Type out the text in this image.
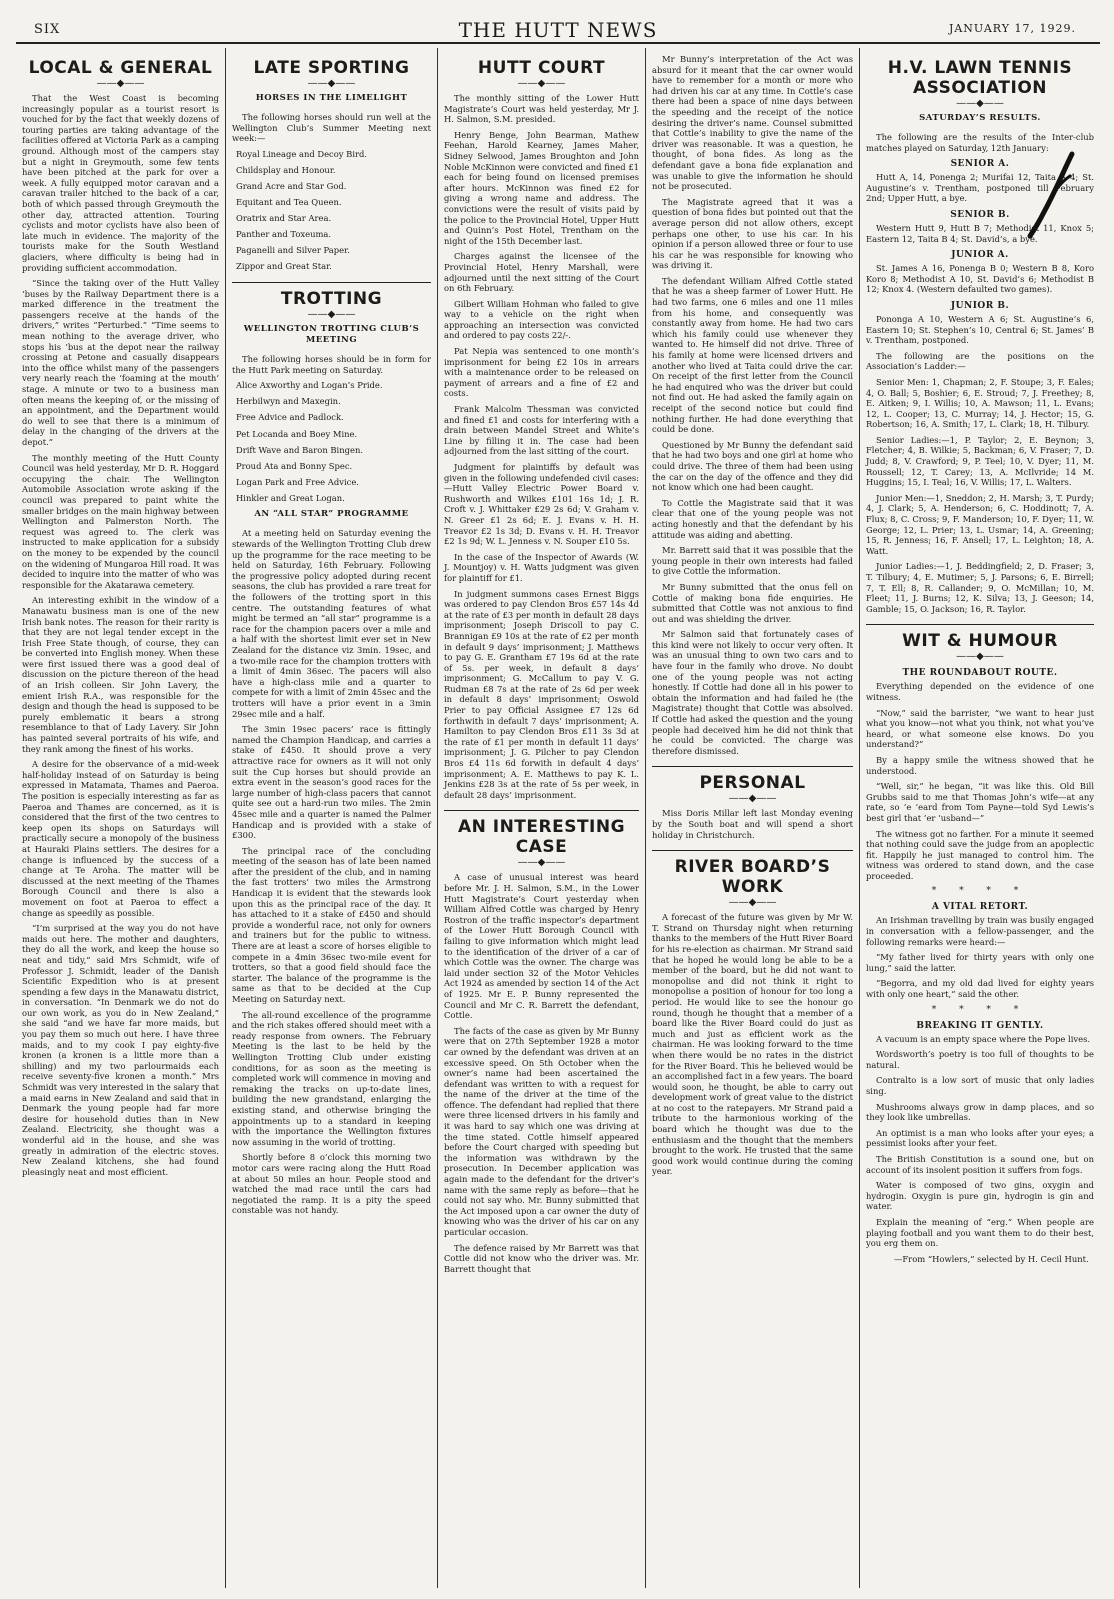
SIX	THE HUTT NEWS	JANUARY 17, 1929.
LOCAL & GENERAL
——◆——

That the West Coast is becoming increasingly popular as a tourist resort is vouched for by the fact that weekly dozens of touring parties are taking advantage of the facilities offered at Victoria Park as a camping ground. Although most of the campers stay but a night in Greymouth, some few tents have been pitched at the park for over a week. A fully equipped motor caravan and a caravan trailer hitched to the back of a car, both of which passed through Greymouth the other day, attracted attention. Touring cyclists and motor cyclists have also been of late much in evidence. The majority of the tourists make for the South Westland glaciers, where difficulty is being had in providing sufficient accommodation.

“Since the taking over of the Hutt Valley ’buses by the Railway Department there is a marked difference in the treatment the passengers receive at the hands of the drivers,” writes “Perturbed.” “Time seems to mean nothing to the average driver, who stops his ’bus at the depot near the railway crossing at Petone and casually disappears into the office whilst many of the passengers very nearly reach the ‘foaming at the mouth’ stage. A minute or two to a business man often means the keeping of, or the missing of an appointment, and the Department would do well to see that there is a minimum of delay in the changing of the drivers at the depot.”

The monthly meeting of the Hutt County Council was held yesterday, Mr D. R. Hoggard occupying the chair. The Wellington Automobile Association wrote asking if the council was prepared to paint white the smaller bridges on the main highway between Wellington and Palmerston North. The request was agreed to. The clerk was instructed to make application for a subsidy on the money to be expended by the council on the widening of Mungaroa Hill road. It was decided to inquire into the matter of who was responsible for the Akatarawa cemetery.

An interesting exhibit in the window of a Manawatu business man is one of the new Irish bank notes. The reason for their rarity is that they are not legal tender except in the Irish Free State though, of course, they can be converted into English money. When these were first issued there was a good deal of discussion on the picture thereon of the head of an Irish colleen. Sir John Lavery, the emient Irish R.A., was responsible for the design and though the head is supposed to be purely emblematic it bears a strong resemblance to that of Lady Lavery. Sir John has painted several portraits of his wife, and they rank among the finest of his works.

A desire for the observance of a mid-week half-holiday instead of on Saturday is being expressed in Matamata, Thames and Paeroa. The position is especially interesting as far as Paeroa and Thames are concerned, as it is considered that the first of the two centres to keep open its shops on Saturdays will practically secure a monopoly of the business at Hauraki Plains settlers. The desires for a change is influenced by the success of a change at Te Aroha. The matter will be discussed at the next meeting of the Thames Borough Council and there is also a movement on foot at Paeroa to effect a change as speedily as possible.

“I’m surprised at the way you do not have maids out here. The mother and daughters, they do all the work, and keep the house so neat and tidy,” said Mrs Schmidt, wife of Professor J. Schmidt, leader of the Danish Scientific Expedition who is at present spending a few days in the Manawatu district, in conversation. “In Denmark we do not do our own work, as you do in New Zealand,” she said “and we have far more maids, but you pay them so much out here. I have three maids, and to my cook I pay eighty-five kronen (a kronen is a little more than a shilling) and my two parlourmaids each receive seventy-five kronen a month.” Mrs Schmidt was very interested in the salary that a maid earns in New Zealand and said that in Denmark the young people had far more desire for household duties than in New Zealand. Electricity, she thought was a wonderful aid in the house, and she was greatly in admiration of the electric stoves. New Zealand kitchens, she had found pleasingly neat and most efficient.

LATE SPORTING
——◆——
HORSES IN THE LIMELIGHT

The following horses should run well at the Wellington Club’s Summer Meeting next week:—

Royal Lineage and Decoy Bird.
Childsplay and Honour.
Grand Acre and Star God.
Equitant and Tea Queen.
Oratrix and Star Area.
Panther and Toxeuma.
Paganelli and Silver Paper.
Zippor and Great Star.
TROTTING
——◆——
WELLINGTON TROTTING CLUB’S MEETING

The following horses should be in form for the Hutt Park meeting on Saturday.

Alice Axworthy and Logan’s Pride.
Herbilwyn and Maxegin.
Free Advice and Padlock.
Pet Locanda and Boey Mine.
Drift Wave and Baron Bingen.
Proud Ata and Bonny Spec.
Logan Park and Free Advice.
Hinkler and Great Logan.
AN “ALL STAR” PROGRAMME

At a meeting held on Saturday evening the stewards of the Wellington Trotting Club drew up the programme for the race meeting to be held on Saturday, 16th February. Following the progressive policy adopted during recent seasons, the club has provided a rare treat for the followers of the trotting sport in this centre. The outstanding features of what might be termed an “all star” programme is a race for the champion pacers over a mile and a half with the shortest limit ever set in New Zealand for the distance viz 3min. 19sec, and a two-mile race for the champion trotters with a limit of 4min 36sec. The pacers will also have a high-class mile and a quarter to compete for with a limit of 2min 45sec and the trotters will have a prior event in a 3min 29sec mile and a half.

The 3min 19sec pacers’ race is fittingly named the Champion Handicap, and carries a stake of £450. It should prove a very attractive race for owners as it will not only suit the Cup horses but should provide an extra event in the season’s good races for the large number of high-class pacers that cannot quite see out a hard-run two miles. The 2min 45sec mile and a quarter is named the Palmer Handicap and is provided with a stake of £300.

The principal race of the concluding meeting of the season has of late been named after the president of the club, and in naming the fast trotters’ two miles the Armstrong Handicap it is evident that the stewards look upon this as the principal race of the day. It has attached to it a stake of £450 and should provide a wonderful race, not only for owners and trainers but for the public to witness. There are at least a score of horses eligible to compete in a 4min 36sec two-mile event for trotters, so that a good field should face the starter. The balance of the programme is the same as that to be decided at the Cup Meeting on Saturday next.

The all-round excellence of the programme and the rich stakes offered should meet with a ready response from owners. The February Meeting is the last to be held by the Wellington Trotting Club under existing conditions, for as soon as the meeting is completed work will commence in moving and remaking the tracks on up-to-date lines, building the new grandstand, enlarging the existing stand, and otherwise bringing the appointments up to a standard in keeping with the importance the Wellington fixtures now assuming in the world of trotting.

Shortly before 8 o’clock this morning two motor cars were racing along the Hutt Road at about 50 miles an hour. People stood and watched the mad race until the cars had negotiated the ramp. It is a pity the speed constable was not handy.

HUTT COURT
——◆——

The monthly sitting of the Lower Hutt Magistrate’s Court was held yesterday, Mr J. H. Salmon, S.M. presided.

Henry Benge, John Bearman, Mathew Feehan, Harold Kearney, James Maher, Sidney Selwood, James Broughton and John Noble McKinnon were convicted and fined £1 each for being found on licensed premises after hours. McKinnon was fined £2 for giving a wrong name and address. The convictions were the result of visits paid by the police to the Provincial Hotel, Upper Hutt and Quinn’s Post Hotel, Trentham on the night of the 15th December last.

Charges against the licensee of the Provincial Hotel, Henry Marshall, were adjourned until the next sitting of the Court on 6th February.

Gilbert William Hohman who failed to give way to a vehicle on the right when approaching an intersection was convicted and ordered to pay costs 22/-.

Pat Nepia was sentenced to one month’s imprisonment for being £2 10s in arrears with a maintenance order to be released on payment of arrears and a fine of £2 and costs.

Frank Malcolm Thessman was convicted and fined £1 and costs for interfering with a drain between Mandel Street and White’s Line by filling it in. The case had been adjourned from the last sitting of the court.

Judgment for plaintiffs by default was given in the following undefended civil cases:—Hutt Valley Electric Power Board v. Rushworth and Wilkes £101 16s 1d; J. R. Croft v. J. Whittaker £29 2s 6d; V. Graham v. N. Greer £1 2s 6d; E. J. Evans v. H. H. Treavor £2 1s 3d; D. Evans v. H. H. Treavor £2 1s 9d; W. L. Jenness v. N. Souper £10 5s.

In the case of the Inspector of Awards (W. J. Mountjoy) v. H. Watts judgment was given for plaintiff for £1.

In judgment summons cases Ernest Biggs was ordered to pay Clendon Bros £57 14s 4d at the rate of £3 per month in default 28 days imprisonment; Joseph Driscoll to pay C. Brannigan £9 10s at the rate of £2 per month in default 9 days’ imprisonment; J. Matthews to pay G. E. Grantham £7 19s 6d at the rate of 5s. per week, in default 8 days’ imprisonment; G. McCallum to pay V. G. Rudman £8 7s at the rate of 2s 6d per week in default 8 days’ imprisonment; Oswold Prier to pay Official Assignee £7 12s 6d forthwith in default 7 days’ imprisonment; A. Hamilton to pay Clendon Bros £11 3s 3d at the rate of £1 per month in default 11 days’ imprisonment; J. G. Pilcher to pay Clendon Bros £4 11s 6d forwith in default 4 days’ imprisonment; A. E. Matthews to pay K. L. Jenkins £28 3s at the rate of 5s per week, in default 28 days’ imprisonment.

AN INTERESTING CASE
——◆——

A case of unusual interest was heard before Mr. J. H. Salmon, S.M., in the Lower Hutt Magistrate’s Court yesterday when William Alfred Cottle was charged by Henry Rostron of the traffic inspector’s department of the Lower Hutt Borough Council with failing to give information which might lead to the identification of the driver of a car of which Cottle was the owner. The charge was laid under section 32 of the Motor Vehicles Act 1924 as amended by section 14 of the Act of 1925. Mr E. P. Bunny represented the Council and Mr C. R. Barrett the defendant, Cottle.

The facts of the case as given by Mr Bunny were that on 27th September 1928 a motor car owned by the defendant was driven at an excessive speed. On 5th October when the owner’s name had been ascertained the defendant was written to with a request for the name of the driver at the time of the offence. The defendant had replied that there were three licensed drivers in his family and it was hard to say which one was driving at the time stated. Cottle himself appeared before the Court charged with speeding but the information was withdrawn by the prosecution. In December application was again made to the defendant for the driver’s name with the same reply as before—that he could not say who. Mr. Bunny submitted that the Act imposed upon a car owner the duty of knowing who was the driver of his car on any particular occasion.

The defence raised by Mr Barrett was that Cottle did not know who the driver was. Mr. Barrett thought that

Mr Bunny’s interpretation of the Act was absurd for it meant that the car owner would have to remember for a month or more who had driven his car at any time. In Cottle’s case there had been a space of nine days between the speeding and the receipt of the notice desiring the driver’s name. Counsel submitted that Cottle’s inability to give the name of the driver was reasonable. It was a question, he thought, of bona fides. As long as the defendant gave a bona fide explanation and was unable to give the information he should not be prosecuted.

The Magistrate agreed that it was a question of bona fides but pointed out that the average person did not allow others, except perhaps one other, to use his car. In his opinion if a person allowed three or four to use his car he was responsible for knowing who was driving it.

The defendant William Alfred Cottle stated that he was a sheep farmer of Lower Hutt. He had two farms, one 6 miles and one 11 miles from his home, and consequently was constantly away from home. He had two cars which his family could use whenever they wanted to. He himself did not drive. Three of his family at home were licensed drivers and another who lived at Taita could drive the car. On receipt of the first letter from the Council he had enquired who was the driver but could not find out. He had asked the family again on receipt of the second notice but could find nothing further. He had done everything that could be done.

Questioned by Mr Bunny the defendant said that he had two boys and one girl at home who could drive. The three of them had been using the car on the day of the offence and they did not know which one had been caught.

To Cottle the Magistrate said that it was clear that one of the young people was not acting honestly and that the defendant by his attitude was aiding and abetting.

Mr. Barrett said that it was possible that the young people in their own interests had failed to give Cottle the information.

Mr Bunny submitted that the onus fell on Cottle of making bona fide enquiries. He submitted that Cottle was not anxious to find out and was shielding the driver.

Mr Salmon said that fortunately cases of this kind were not likely to occur very often. It was an unusual thing to own two cars and to have four in the family who drove. No doubt one of the young people was not acting honestly. If Cottle had done all in his power to obtain the information and had failed he (the Magistrate) thought that Cottle was absolved. If Cottle had asked the question and the young people had deceived him he did not think that he could be convicted. The charge was therefore dismissed.

PERSONAL
——◆——

Miss Doris Millar left last Monday evening by the South boat and will spend a short holiday in Christchurch.

RIVER BOARD’S WORK
——◆——

A forecast of the future was given by Mr W. T. Strand on Thursday night when returning thanks to the members of the Hutt River Board for his re-election as chairman. Mr Strand said that he hoped he would long be able to be a member of the board, but he did not want to monopolise and did not think it right to monopolise a position of honour for too long a period. He would like to see the honour go round, though he thought that a member of a board like the River Board could do just as much and just as efficient work as the chairman. He was looking forward to the time when there would be no rates in the district for the River Board. This he believed would be an accomplished fact in a few years. The board would soon, he thought, be able to carry out development work of great value to the district at no cost to the ratepayers. Mr Strand paid a tribute to the harmonious working of the board which he thought was due to the enthusiasm and the thought that the members brought to the work. He trusted that the same good work would continue during the coming year.

H.V. LAWN TENNIS ASSOCIATION
——◆——
SATURDAY’S RESULTS.

The following are the results of the Inter-club matches played on Saturday, 12th January:

SENIOR A.

Hutt A, 14, Ponenga 2; Murifai 12, Taita A 4; St. Augustine’s v. Trentham, postponed till February 2nd; Upper Hutt, a bye.

SENIOR B.

Western Hutt 9, Hutt B 7; Methodist 11, Knox 5; Eastern 12, Taita B 4; St. David’s, a bye.

JUNIOR A.

St. James A 16, Ponenga B 0; Western B 8, Koro Koro 8; Methodist A 10, St. David’s 6; Methodist B 12; Knox 4. (Western defaulted two games).

JUNIOR B.

Pononga A 10, Western A 6; St. Augustine’s 6, Eastern 10; St. Stephen’s 10, Central 6; St. James’ B v. Trentham, postponed.

The following are the positions on the Association’s Ladder:—

Senior Men: 1, Chapman; 2, F. Stoupe; 3, F. Eales; 4, O. Ball; 5, Boshier; 6, E. Stroud; 7, J. Freethey; 8, E. Aitken; 9, I. Willis; 10, A. Mawson; 11, L. Evans; 12, L. Cooper; 13, C. Murray; 14, J. Hector; 15, G. Robertson; 16, A. Smith; 17, L. Clark; 18, H. Tilbury.

Senior Ladies:—1, P. Taylor; 2, E. Beynon; 3, Fletcher; 4, B. Wilkie; 5, Backman; 6, V. Fraser; 7, D. Judd; 8, V. Crawford; 9, P. Teel; 10, V. Dyer; 11, M. Roussell; 12, T. Carey; 13, A. McIlvride; 14 M. Huggins; 15, I. Teal; 16, V. Willis; 17, L. Walters.

Junior Men:—1, Sneddon; 2, H. Marsh; 3, T. Purdy; 4, J. Clark; 5, A. Henderson; 6, C. Hoddinott; 7, A. Flux; 8, C. Cross; 9, F. Manderson; 10, F. Dyer; 11, W. George; 12, L. Prier; 13, L. Usmar; 14, A. Greening; 15, R. Jenness; 16, F. Ansell; 17, L. Leighton; 18, A. Watt.

Junior Ladies:—1, J. Beddingfield; 2, D. Fraser; 3, T. Tilbury; 4, E. Mutimer; 5, J. Parsons; 6, E. Birrell; 7, T. Ell; 8, R. Callander; 9, O. McMillan; 10, M. Fleet; 11, J. Burns; 12, K. Silva; 13, J. Geeson; 14, Gamble; 15, O. Jackson; 16, R. Taylor.

WIT & HUMOUR
——◆——
THE ROUNDABOUT ROUTE.

Everything depended on the evidence of one witness.

“Now,” said the barrister, “we want to hear just what you know—not what you think, not what you’ve heard, or what someone else knows. Do you understand?”

By a happy smile the witness showed that he understood.

“Well, sir,” he began, “it was like this. Old Bill Grubbs said to me that Thomas John’s wife—at any rate, so ’e ’eard from Tom Payne—told Syd Lewis’s best girl that ’er ’usband—”

The witness got no farther. For a minute it seemed that nothing could save the judge from an apoplectic fit. Happily he just managed to control him. The witness was ordered to stand down, and the case proceeded.

* * * *
A VITAL RETORT.

An Irishman travelling by train was busily engaged in conversation with a fellow-passenger, and the following remarks were heard:—

“My father lived for thirty years with only one lung,” said the latter.

“Begorra, and my old dad lived for eighty years with only one heart,” said the other.

* * * *
BREAKING IT GENTLY.

A vacuum is an empty space where the Pope lives.

Wordsworth’s poetry is too full of thoughts to be natural.

Contralto is a low sort of music that only ladies sing.

Mushrooms always grow in damp places, and so they look like umbrellas.

An optimist is a man who looks after your eyes; a pessimist looks after your feet.

The British Constitution is a sound one, but on account of its insolent position it suffers from fogs.

Water is composed of two gins, oxygin and hydrogin. Oxygin is pure gin, hydrogin is gin and water.

Explain the meaning of “erg.” When people are playing football and you want them to do their best, you erg them on.

—From “Howlers,” selected by H. Cecil Hunt.
